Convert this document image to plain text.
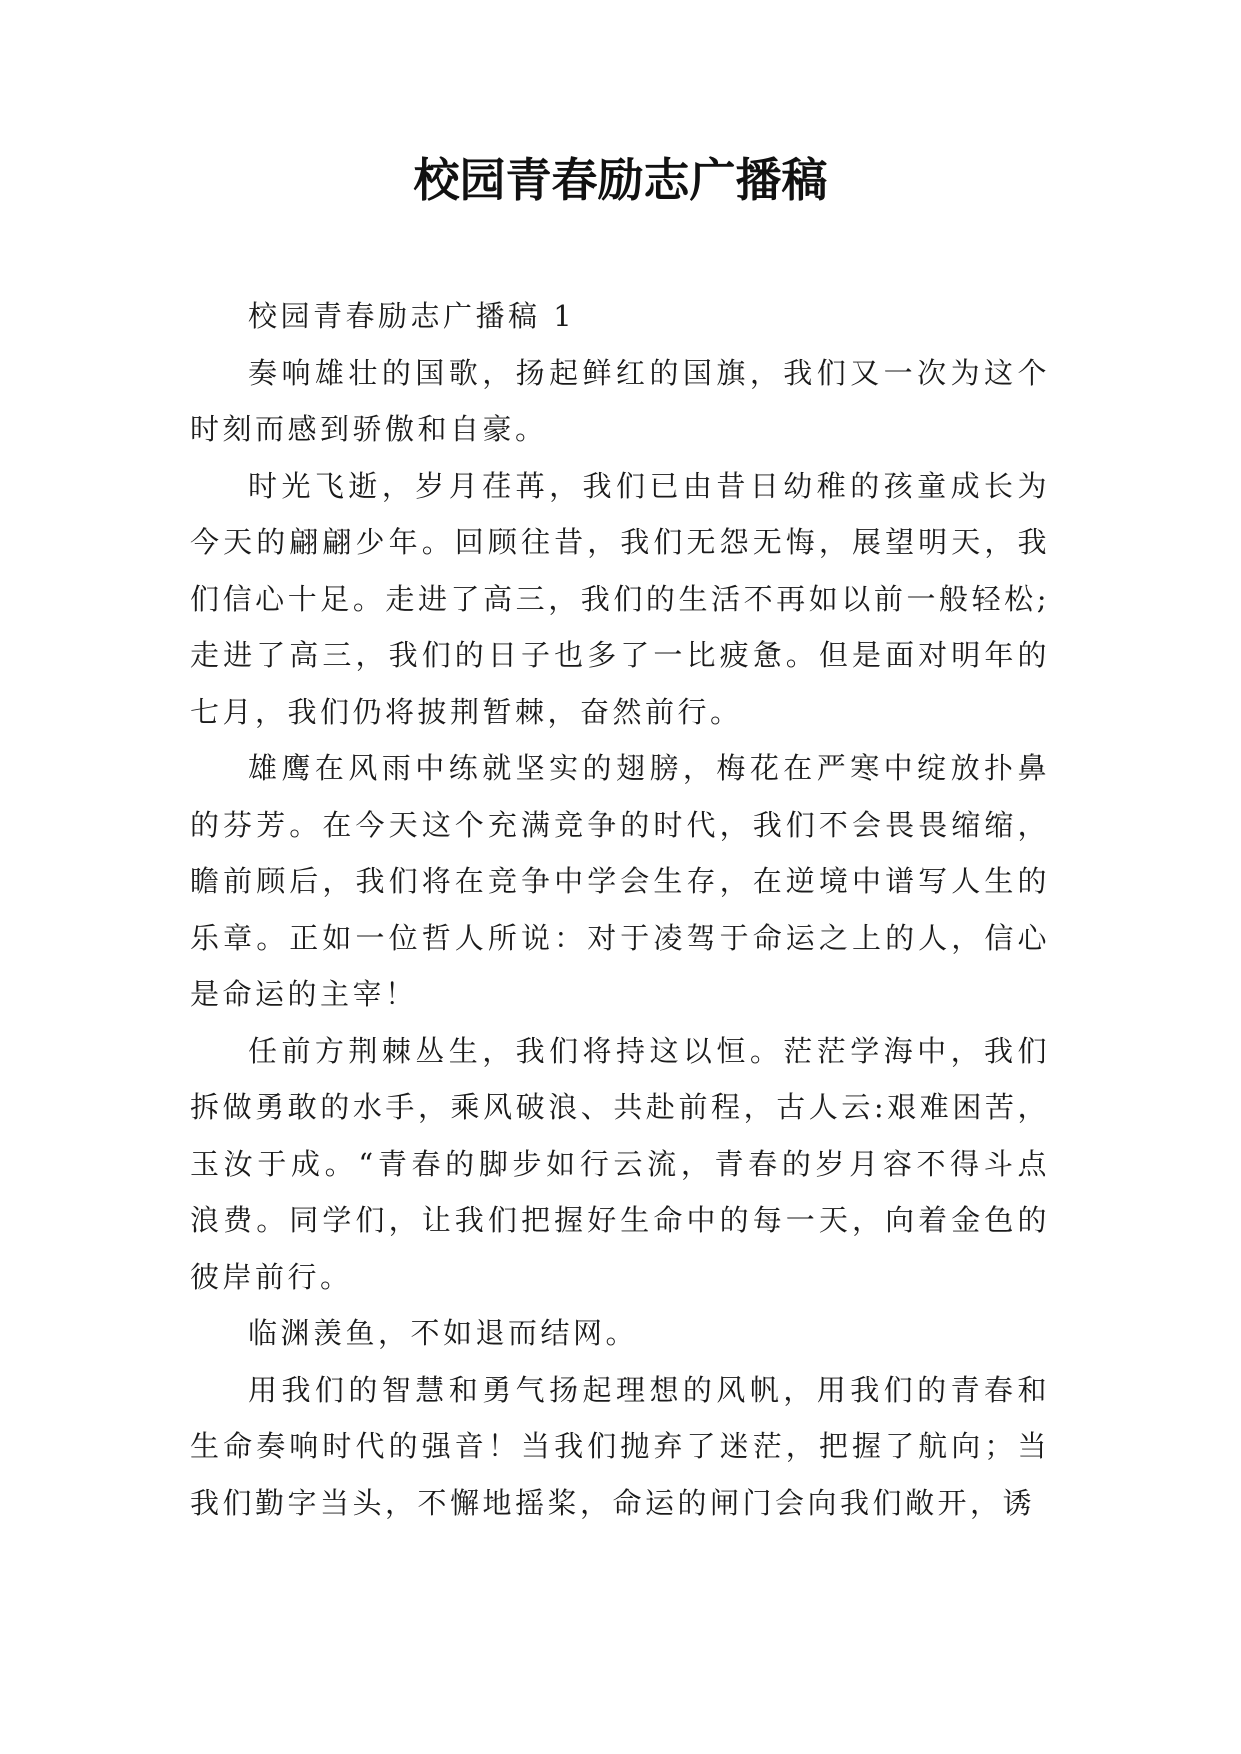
校园青春励志广播稿

校园青春励志广播稿 1

奏响雄壮的国歌，扬起鲜红的国旗，我们又一次为这个时刻而感到骄傲和自豪。

时光飞逝，岁月荏苒，我们已由昔日幼稚的孩童成长为今天的翩翩少年。回顾往昔，我们无怨无悔，展望明天，我们信心十足。走进了高三，我们的生活不再如以前一般轻松;走进了高三，我们的日子也多了一比疲惫。但是面对明年的七月，我们仍将披荆暂棘，奋然前行。

雄鹰在风雨中练就坚实的翅膀，梅花在严寒中绽放扑鼻的芬芳。在今天这个充满竞争的时代，我们不会畏畏缩缩，瞻前顾后，我们将在竞争中学会生存，在逆境中谱写人生的乐章。正如一位哲人所说：对于凌驾于命运之上的人，信心是命运的主宰！

任前方荆棘丛生，我们将持这以恒。茫茫学海中，我们拆做勇敢的水手，乘风破浪、共赴前程，古人云:艰难困苦，玉汝于成。“青春的脚步如行云流，青春的岁月容不得斗点浪费。同学们，让我们把握好生命中的每一天，向着金色的彼岸前行。

临渊羡鱼，不如退而结网。

用我们的智慧和勇气扬起理想的风帆，用我们的青春和生命奏响时代的强音！当我们抛弃了迷茫，把握了航向；当我们勤字当头，不懈地摇桨，命运的闸门会向我们敞开，诱
